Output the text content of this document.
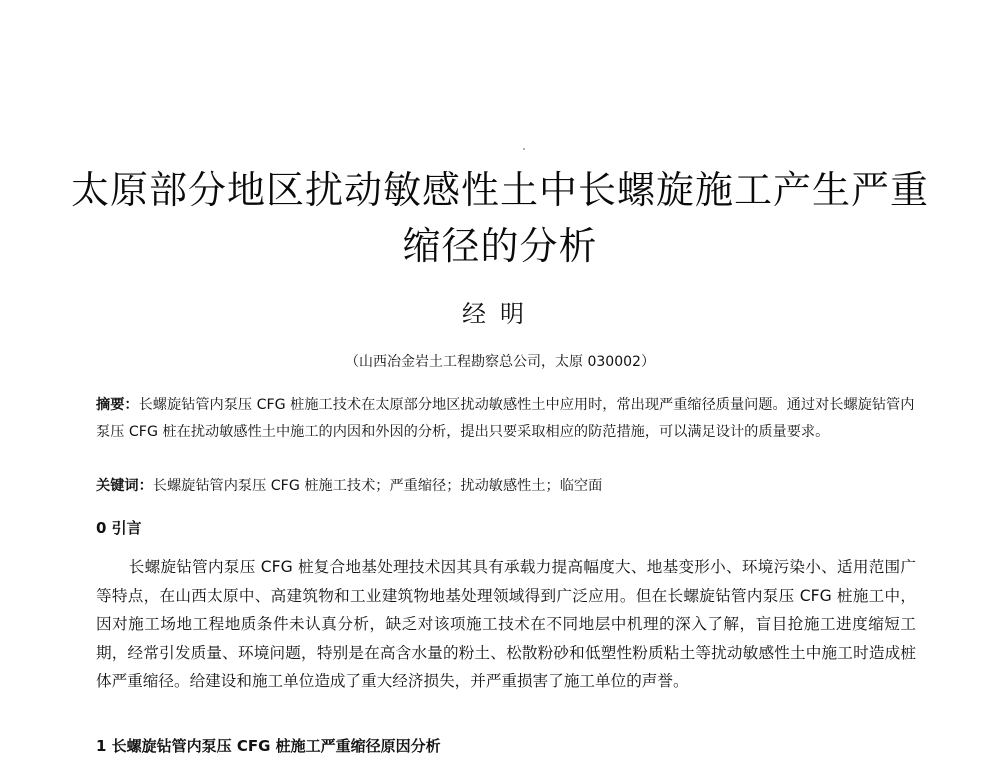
太原部分地区扰动敏感性土中长螺旋施工产生严重缩径的分析
经明
（山西冶金岩土工程勘察总公司，太原 030002）
摘要：长螺旋钻管内泵压 CFG 桩施工技术在太原部分地区扰动敏感性土中应用时，常出现严重缩径质量问题。通过对长螺旋钻管内泵压 CFG 桩在扰动敏感性土中施工的内因和外因的分析，提出只要采取相应的防范措施，可以满足设计的质量要求。
关键词：长螺旋钻管内泵压 CFG 桩施工技术；严重缩径；扰动敏感性土；临空面
0 引言
长螺旋钻管内泵压 CFG 桩复合地基处理技术因其具有承载力提高幅度大、地基变形小、环境污染小、适用范围广等特点，在山西太原中、高建筑物和工业建筑物地基处理领域得到广泛应用。但在长螺旋钻管内泵压 CFG 桩施工中，因对施工场地工程地质条件未认真分析，缺乏对该项施工技术在不同地层中机理的深入了解，盲目抢施工进度缩短工期，经常引发质量、环境问题，特别是在高含水量的粉土、松散粉砂和低塑性粉质粘土等扰动敏感性土中施工时造成桩体严重缩径。给建设和施工单位造成了重大经济损失，并严重损害了施工单位的声誉。
1 长螺旋钻管内泵压 CFG 桩施工严重缩径原因分析
